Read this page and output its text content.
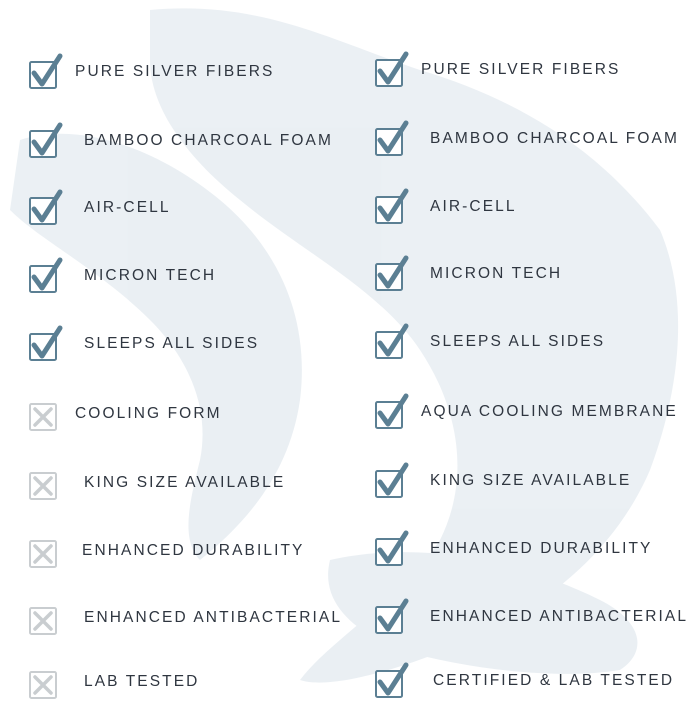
PURE SILVER FIBERS
BAMBOO CHARCOAL FOAM
AIR-CELL
MICRON TECH
SLEEPS ALL SIDES
COOLING FORM
KING SIZE AVAILABLE
ENHANCED DURABILITY
ENHANCED ANTIBACTERIAL
LAB TESTED
PURE SILVER FIBERS
BAMBOO CHARCOAL FOAM
AIR-CELL
MICRON TECH
SLEEPS ALL SIDES
AQUA COOLING MEMBRANE
KING SIZE AVAILABLE
ENHANCED DURABILITY
ENHANCED ANTIBACTERIAL
CERTIFIED & LAB TESTED
